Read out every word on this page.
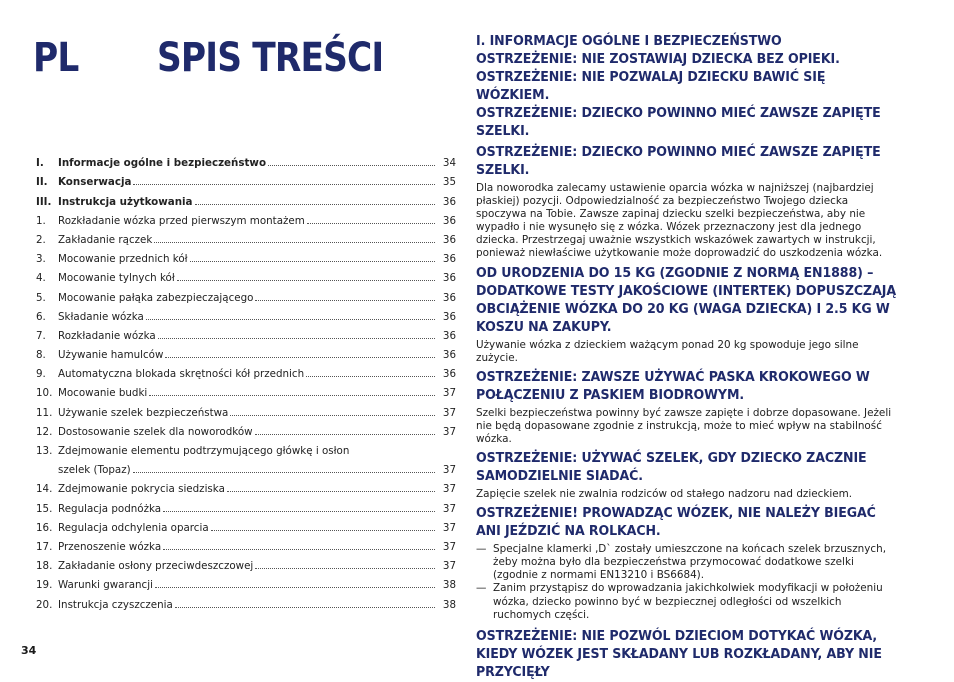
PL SPIS TREŚCI
I.	Informacje ogólne i bezpieczeństwo	34
II.	Konserwacja	35
III. Instrukcja użytkowania	36
1.	Rozkładanie wózka przed pierwszym montażem	36
2.	Zakładanie rączek	36
3.	Mocowanie przednich kół	36
4.	Mocowanie tylnych kół	36
5.	Mocowanie pałąka zabezpieczającego	36
6.	Składanie wózka	36
7.	Rozkładanie wózka	36
8.	Używanie hamulców	36
9.	Automatyczna blokada skrętności kół przednich	36
10. Mocowanie budki	37
11. Używanie szelek bezpieczeństwa	37
12. Dostosowanie szelek dla noworodków	37
13. Zdejmowanie elementu podtrzymującego główkę i osłon
szelek (Topaz)	37
14. Zdejmowanie pokrycia siedziska	37
15. Regulacja podnóżka	37
16. Regulacja odchylenia oparcia	37
17. Przenoszenie wózka	37
18. Zakładanie osłony przeciwdeszczowej	37
19. Warunki gwarancji	38
20. Instrukcja czyszczenia	38

34

I. INFORMACJE OGÓLNE I BEZPIECZEŃSTWO

OSTRZEŻENIE: NIE ZOSTAWIAJ DZIECKA BEZ OPIEKI.

OSTRZEŻENIE: NIE POZWALAJ DZIECKU BAWIĆ SIĘ WÓZKIEM.

OSTRZEŻENIE: DZIECKO POWINNO MIEĆ ZAWSZE ZAPIĘTE SZELKI.

OSTRZEŻENIE: DZIECKO POWINNO MIEĆ ZAWSZE ZAPIĘTE SZELKI.

Dla noworodka zalecamy ustawienie oparcia wózka w najniższej (najbardziej płaskiej) pozycji. Odpowiedzialność za bezpieczeństwo Twojego dziecka spoczywa na Tobie. Zawsze zapinaj dziecku szelki bezpieczeństwa, aby nie wypadło i nie wysunęło się z wózka. Wózek przeznaczony jest dla jednego dziecka. Przestrzegaj uważnie wszystkich wskazówek zawartych w instrukcji, ponieważ niewłaściwe użytkowanie może doprowadzić do uszkodzenia wózka.

OD URODZENIA DO 15 KG (ZGODNIE Z NORMĄ EN1888) – DODATKOWE TESTY JAKOŚCIOWE (INTERTEK) DOPUSZCZAJĄ OBCIĄŻENIE WÓZKA DO 20 KG (WAGA DZIECKA) I 2.5 KG W KOSZU NA ZAKUPY.

Używanie wózka z dzieckiem ważącym ponad 20 kg spowoduje jego silne zużycie.

OSTRZEŻENIE: ZAWSZE UŻYWAĆ PASKA KROKOWEGO W POŁĄCZENIU Z PASKIEM BIODROWYM.

Szelki bezpieczeństwa powinny być zawsze zapięte i dobrze dopasowane. Jeżeli nie będą dopasowane zgodnie z instrukcją, może to mieć wpływ na stabilność wózka.

OSTRZEŻENIE: UŻYWAĆ SZELEK, GDY DZIECKO ZACZNIE SAMODZIELNIE SIADAĆ.

Zapięcie szelek nie zwalnia rodziców od stałego nadzoru nad dzieckiem.

OSTRZEŻENIE! PROWADZĄC WÓZEK, NIE NALEŻY BIEGAĆ ANI JEŹDZIĆ NA ROLKACH.

— Specjalne klamerki ‚D` zostały umieszczone na końcach szelek brzusznych, żeby można było dla bezpieczeństwa przymocować dodatkowe szelki (zgodnie z normami EN13210 i BS6684).
— Zanim przystąpisz do wprowadzania jakichkolwiek modyfikacji w położeniu wózka, dziecko powinno być w bezpiecznej odległości od wszelkich ruchomych części.

OSTRZEŻENIE: NIE POZWÓL DZIECIOM DOTYKAĆ WÓZKA, KIEDY WÓZEK JEST SKŁADANY LUB ROZKŁADANY, ABY NIE PRZYCIĘŁY
